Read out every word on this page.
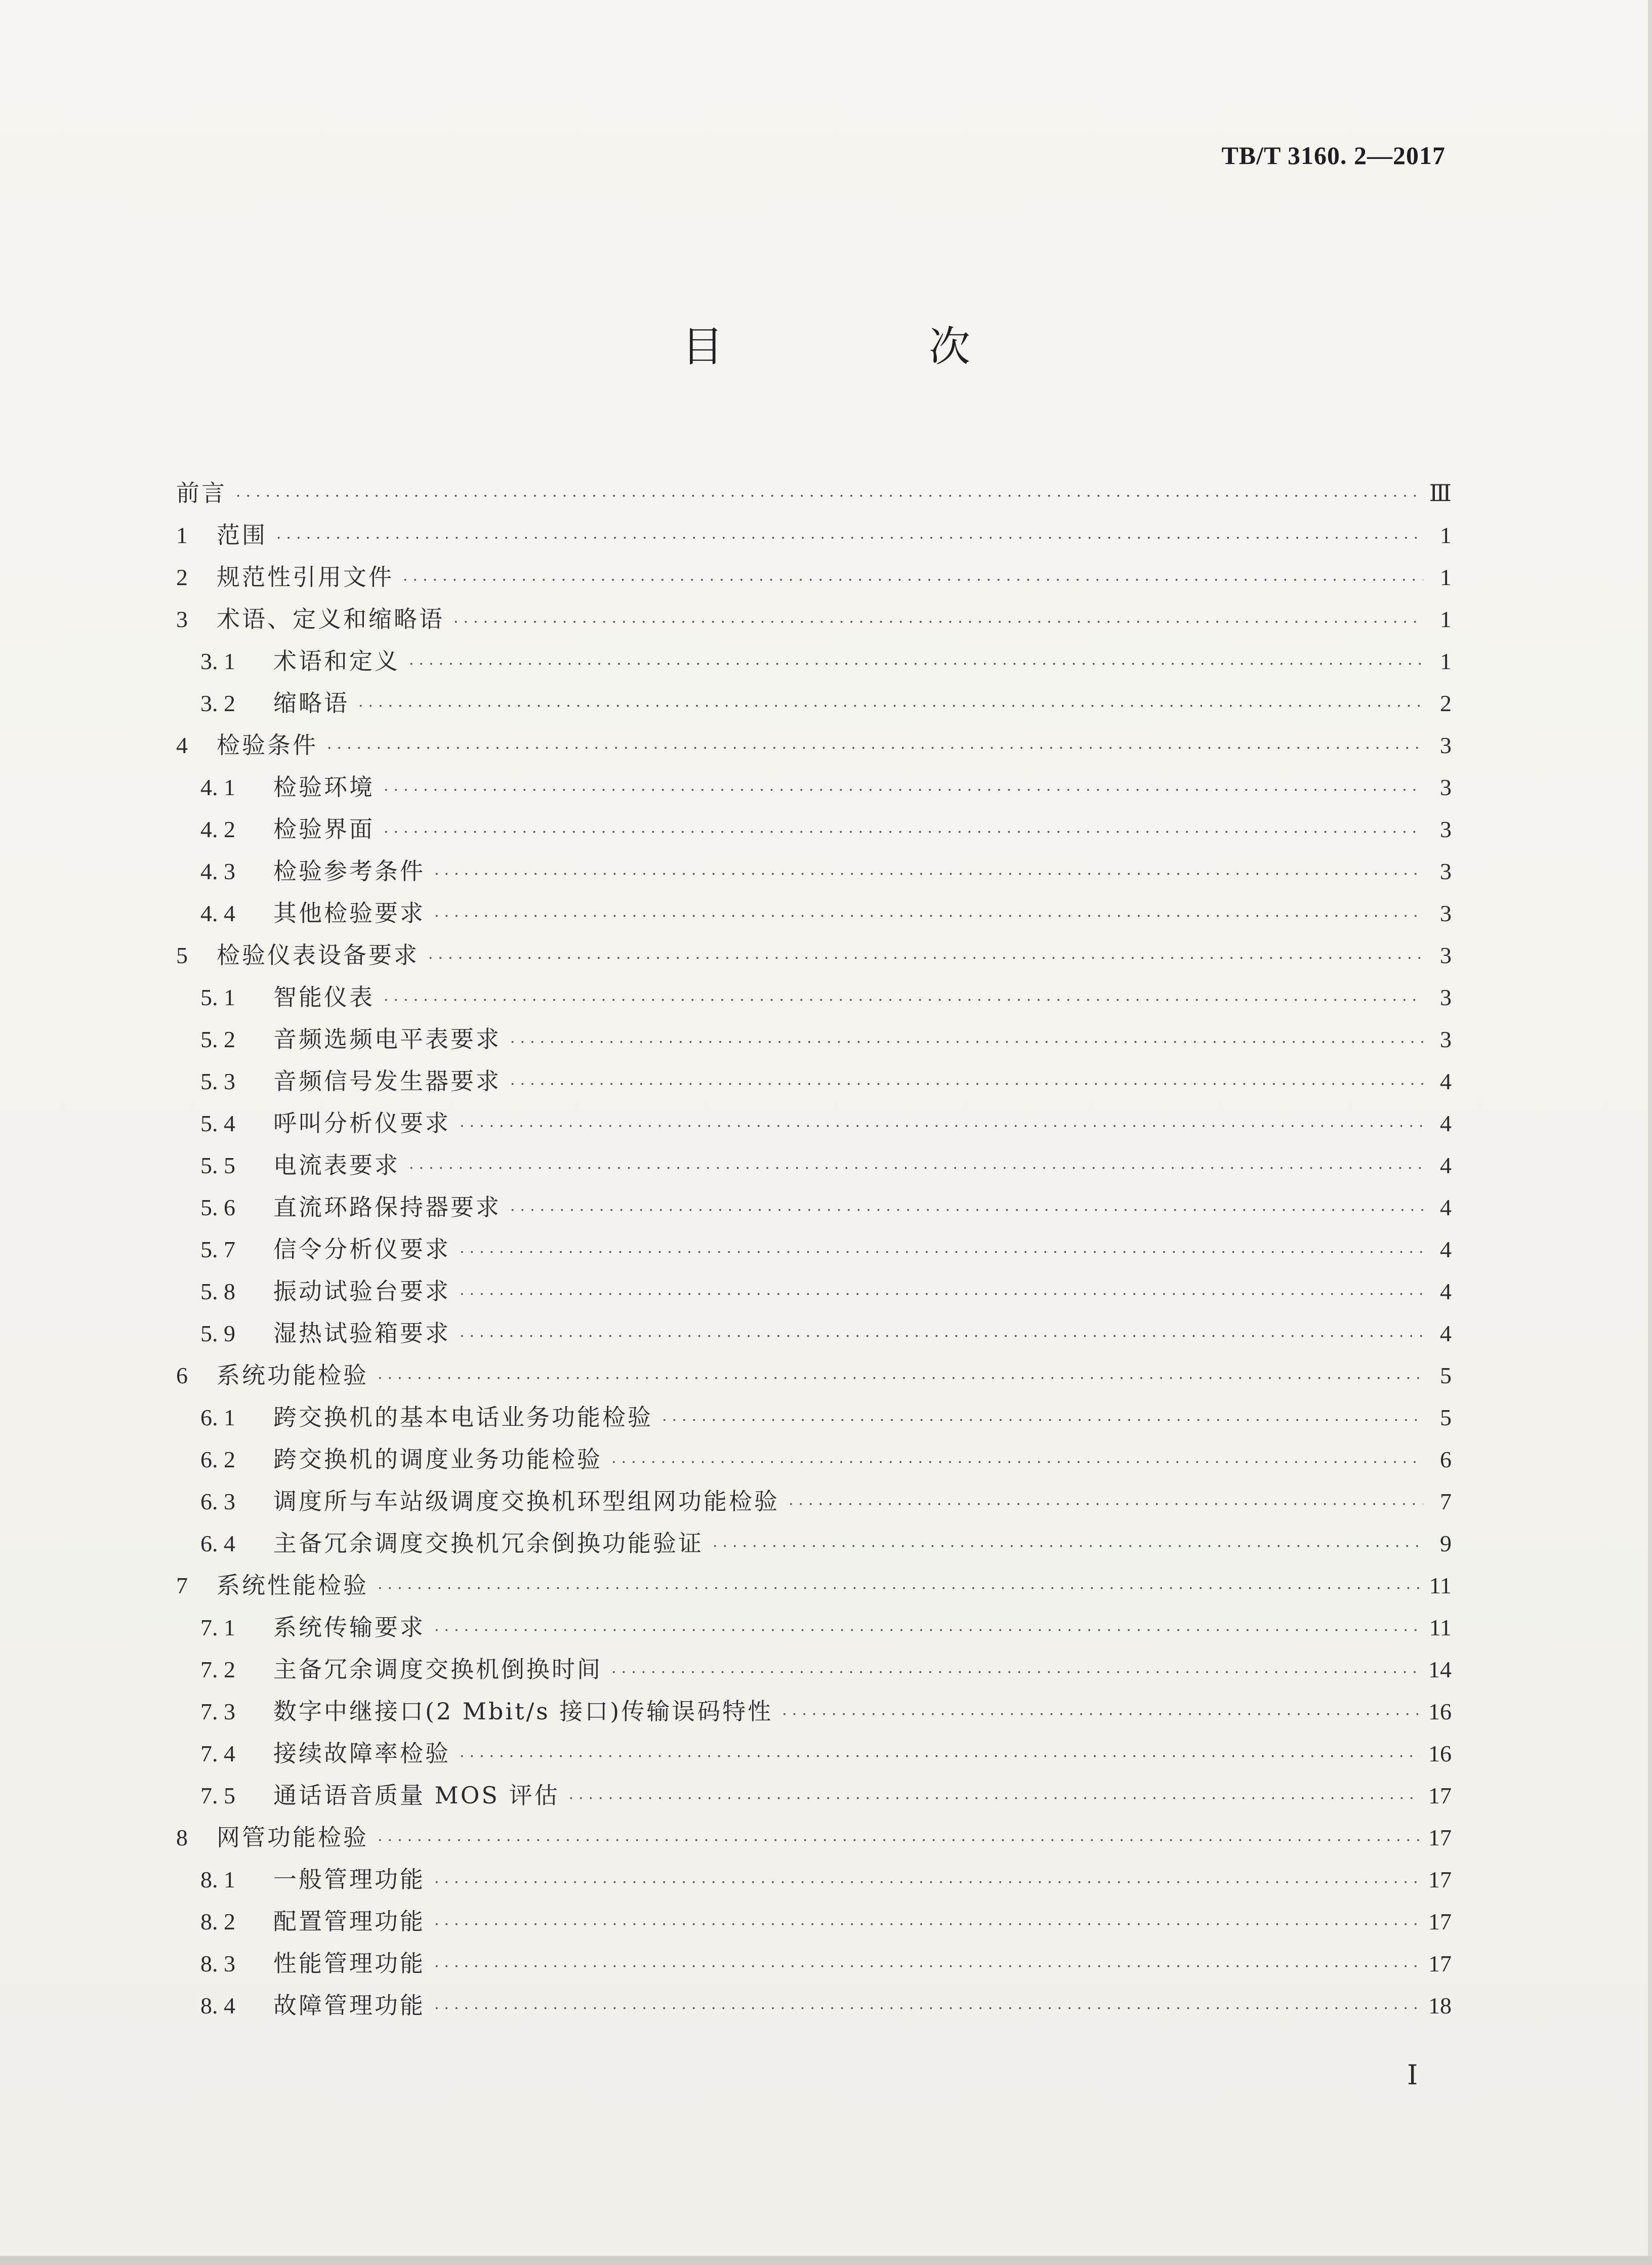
TB/T 3160. 2—2017
目 次
前言 ·····	Ⅲ
1	范围 ·····	1
2	规范性引用文件 ·····	1
3	术语、定义和缩略语 ·····	1
3. 1	术语和定义 ·····	1
3. 2	缩略语 ·····	2
4	检验条件 ·····	3
4. 1	检验环境 ·····	3
4. 2	检验界面 ·····	3
4. 3	检验参考条件 ·····	3
4. 4	其他检验要求 ·····	3
5	检验仪表设备要求 ·····	3
5. 1	智能仪表 ·····	3
5. 2	音频选频电平表要求 ·····	3
5. 3	音频信号发生器要求 ·····	4
5. 4	呼叫分析仪要求 ·····	4
5. 5	电流表要求 ·····	4
5. 6	直流环路保持器要求 ·····	4
5. 7	信令分析仪要求 ·····	4
5. 8	振动试验台要求 ·····	4
5. 9	湿热试验箱要求 ·····	4
6	系统功能检验 ·····	5
6. 1	跨交换机的基本电话业务功能检验 ·····	5
6. 2	跨交换机的调度业务功能检验 ·····	6
6. 3	调度所与车站级调度交换机环型组网功能检验 ·····	7
6. 4	主备冗余调度交换机冗余倒换功能验证 ·····	9
7	系统性能检验 ·····	11
7. 1	系统传输要求 ·····	11
7. 2	主备冗余调度交换机倒换时间 ·····	14
7. 3	数字中继接口(2 Mbit/s 接口)传输误码特性 ·····	16
7. 4	接续故障率检验 ·····	16
7. 5	通话语音质量 MOS 评估 ·····	17
8	网管功能检验 ·····	17
8. 1	一般管理功能 ·····	17
8. 2	配置管理功能 ·····	17
8. 3	性能管理功能 ·····	17
8. 4	故障管理功能 ·····	18
Ⅰ
